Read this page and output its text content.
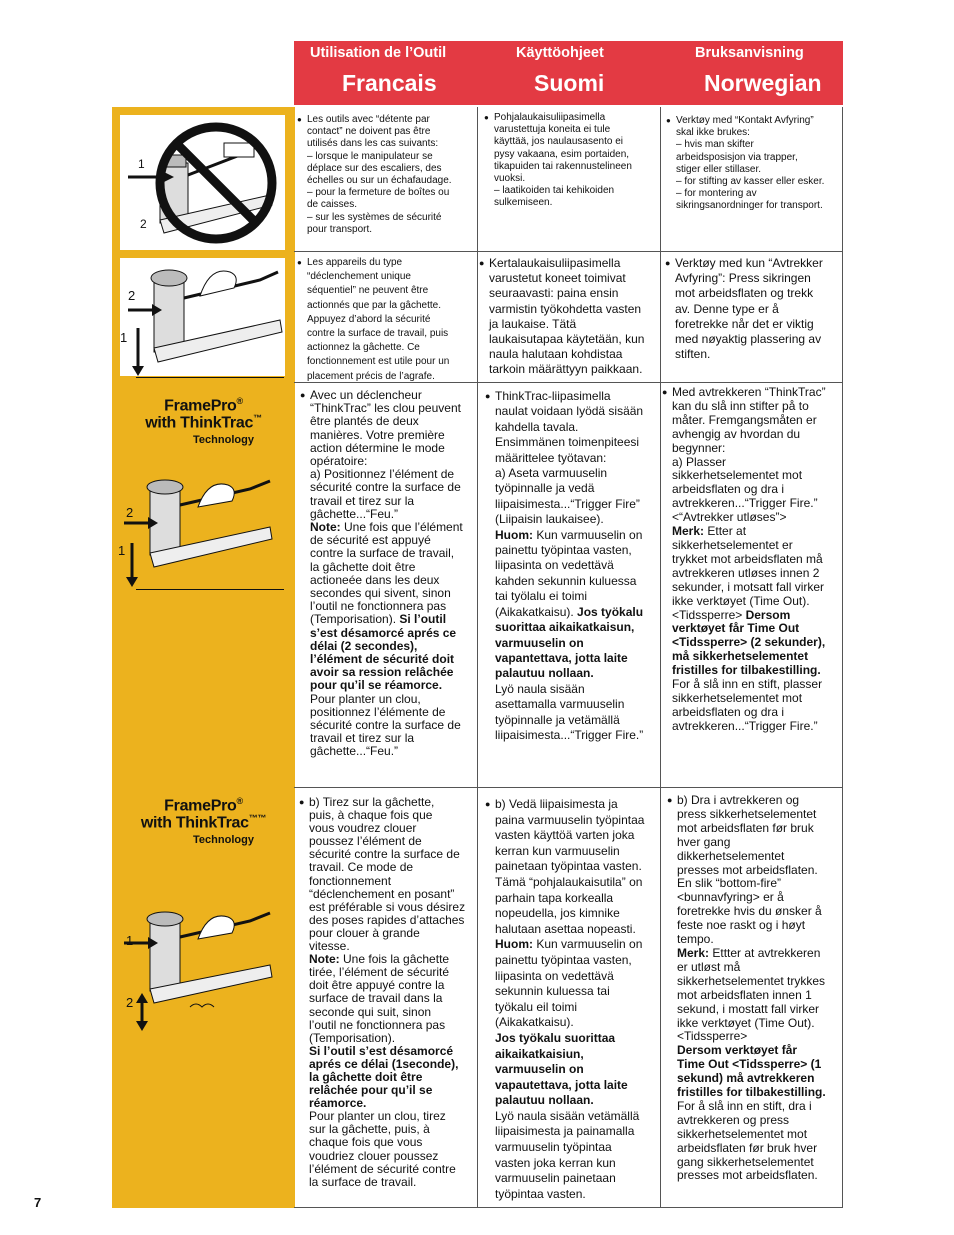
Utilisation de l’Outil	Käyttöohjeet	Bruksanvisning
Francais	Suomi	Norwegian
1
2
2
1
FramePro®
with ThinkTrac™
Technology
2
1
FramePro®
with ThinkTrac™™
Technology
1
2
● Les outils avec “détente par
contact” ne doivent pas être
utilisés dans les cas suivants:
– lorsque le manipulateur se
déplace sur des escaliers, des
échelles ou sur un échafaudage.
– pour la fermeture de boîtes ou
de caisses.
– sur les systèmes de sécurité
pour transport.

● Pohjalaukaisuliipasimella
varustettuja koneita ei tule
käyttää, jos naulausasento ei
pysy vakaana, esim portaiden,
tikapuiden tai rakennustelineen
vuoksi.
– laatikoiden tai kehikoiden
sulkemiseen.

● Verktøy med “Kontakt Avfyring”
skal ikke brukes:
– hvis man skifter
arbeidsposisjon via trapper,
stiger eller stillaser.
– for stifting av kasser eller esker.
– for montering av
sikringsanordninger for transport.

● Les appareils du type
“déclenchement unique
séquentiel” ne peuvent être
actionnés que par la gâchette.
Appuyez d’abord la sécurité
contre la surface de travail, puis
actionnez la gâchette. Ce
fonctionnement est utile pour un
placement précis de l’agrafe.

● Kertalaukaisuliipasimella
varustetut koneet toimivat
seuraavasti: paina ensin
varmistin työkohdetta vasten
ja laukaise. Tätä
laukaisutapaa käytetään, kun
naula halutaan kohdistaa
tarkoin määrättyyn paikkaan.

● Verktøy med kun “Avtrekker
Avfyring”: Press sikringen
mot arbeidsflaten og trekk
av. Denne type er å
foretrekke når det er viktig
med nøyaktig plassering av
stiften.

● Avec un déclencheur
“ThinkTrac” les clou peuvent
être plantés de deux
manières. Votre première
action détermine le mode
opératoire:
a) Positionnez l’élément de
sécurité contre la surface de
travail et tirez sur la
gâchette...“Feu.”
Note: Une fois que l’élément
de sécurité est appuyé
contre la surface de travail,
la gâchette doit être
actioneée dans les deux
secondes qui sivent, sinon
l’outil ne fonctionnera pas
(Temporisation). Si l’outil
s’est désamorcé aprés ce
délai (2 secondes),
l’élément de sécurité doit
avoir sa ression relâchée
pour qu’il se réamorce.
Pour planter un clou,
positionnez l’élémente de
sécurité contre la surface de
travail et tirez sur la
gâchette...“Feu.”

● ThinkTrac-liipasimella
naulat voidaan lyödä sisään
kahdella tavala.
Ensimmänen toimenpiteesi
määrittelee työtavan:
a) Aseta varmuuselin
työpinnalle ja vedä
liipaisimesta...“Trigger Fire”
(Liipaisin laukaisee).
Huom: Kun varmuuselin on
painettu työpintaa vasten,
liipasinta on vedettävä
kahden sekunnin kuluessa
tai työlalu ei toimi
(Aikakatkaisu). Jos työkalu
suorittaa aikaikatkaisun,
varmuuselin on
vapantettava, jotta laite
palautuu nollaan.
Lyö naula sisään
asettamalla varmuuselin
työpinnalle ja vetämällä
liipaisimesta...“Trigger Fire.”

● Med avtrekkeren “ThinkTrac”
kan du slå inn stifter på to
måter. Fremgangsmåten er
avhengig av hvordan du
begynner:
a) Plasser
sikkerhetselementet mot
arbeidsflaten og dra i
avtrekkeren...“Trigger Fire.”
<“Avtrekker utløses”>
Merk: Etter at
sikkerhetselementet er
trykket mot arbeidsflaten må
avtrekkeren utløses innen 2
sekunder, i motsatt fall virker
ikke verktøyet (Time Out).
<Tidssperre> Dersom
verktøyet får Time Out
<Tidssperre> (2 sekunder),
må sikkerhetselementet
fristilles for tilbakestilling.
For å slå inn en stift, plasser
sikkerhetselementet mot
arbeidsflaten og dra i
avtrekkeren...“Trigger Fire.”

● b) Tirez sur la gâchette,
puis, à chaque fois que
vous voudrez clouer
poussez l’élément de
sécurité contre la surface de
travail. Ce mode de
fonctionnement
“déclenchement en posant”
est préférable si vous désirez
des poses rapides d’attaches
pour clouer à grande
vitesse.
Note: Une fois la gâchette
tirée, l’élément de sécurité
doit être appuyé contre la
surface de travail dans la
seconde qui suit, sinon
l’outil ne fonctionnera pas
(Temporisation).
Si l’outil s’est désamorcé
aprés ce délai (1seconde),
la gâchette doit être
relâchée pour qu’il se
réamorce.
Pour planter un clou, tirez
sur la gâchette, puis, à
chaque fois que vous
voudriez clouer poussez
l’élément de sécurité contre
la surface de travail.

● b) Vedä liipaisimesta ja
paina varmuuselin työpintaa
vasten käyttöä varten joka
kerran kun varmuuselin
painetaan työpintaa vasten.
Tämä “pohjalaukaisutila” on
parhain tapa korkealla
nopeudella, jos kimnike
halutaan asettaa nopeasti.
Huom: Kun varmuuselin on
painettu työpintaa vasten,
liipasinta on vedettävä
sekunnin kuluessa tai
työkalu eil toimi
(Aikakatkaisu).
Jos työkalu suorittaa
aikaikatkaisiun,
varmuuselin on
vapautettava, jotta laite
palautuu nollaan.
Lyö naula sisään vetämällä
liipaisimesta ja painamalla
varmuuselin työpintaa
vasten joka kerran kun
varmuuselin painetaan
työpintaa vasten.

● b) Dra i avtrekkeren og
press sikkerhetselementet
mot arbeidsflaten før bruk
hver gang
dikkerhetselementet
presses mot arbeidsflaten.
En slik “bottom-fire”
<bunnavfyring> er å
foretrekke hvis du ønsker å
feste noe raskt og i høyt
tempo.
Merk: Ettter at avtrekkeren
er utløst må
sikkerhetselementet trykkes
mot arbeidsflaten innen 1
sekund, i mostatt fall virker
ikke verktøyet (Time Out).
<Tidssperre>
Dersom verktøyet får
Time Out <Tidssperre> (1
sekund) må avtrekkeren
fristilles for tilbakestilling.
For å slå inn en stift, dra i
avtrekkeren og press
sikkerhetselementet mot
arbeidsflaten før bruk hver
gang sikkerhetselementet
presses mot arbeidsflaten.

7
